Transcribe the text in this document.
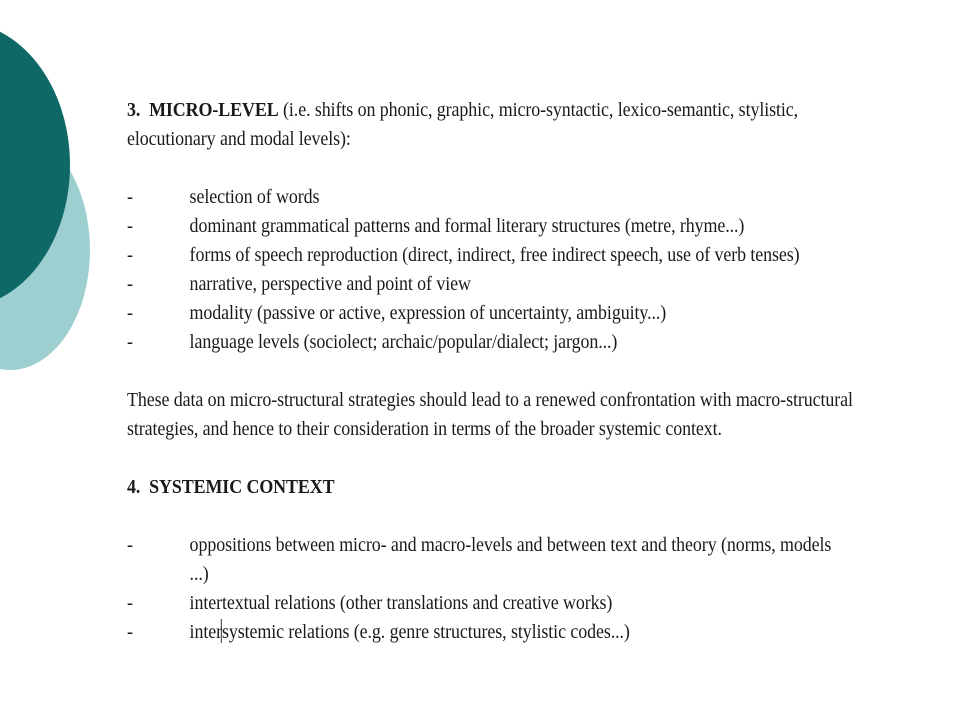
3. MICRO-LEVEL (i.e. shifts on phonic, graphic, micro-syntactic, lexico-semantic, stylistic,
elocutionary and modal levels):

-	selection of words
-	dominant grammatical patterns and formal literary structures (metre, rhyme...)
-	forms of speech reproduction (direct, indirect, free indirect speech, use of verb tenses)
-	narrative, perspective and point of view
-	modality (passive or active, expression of uncertainty, ambiguity...)
-	language levels (sociolect; archaic/popular/dialect; jargon...)

These data on micro-structural strategies should lead to a renewed confrontation with macro-structural
strategies, and hence to their consideration in terms of the broader systemic context.

4. SYSTEMIC CONTEXT

-	oppositions between micro- and macro-levels and between text and theory (norms, models ...)
-	intertextual relations (other translations and creative works)
-	intersystemic relations (e.g. genre structures, stylistic codes...)
